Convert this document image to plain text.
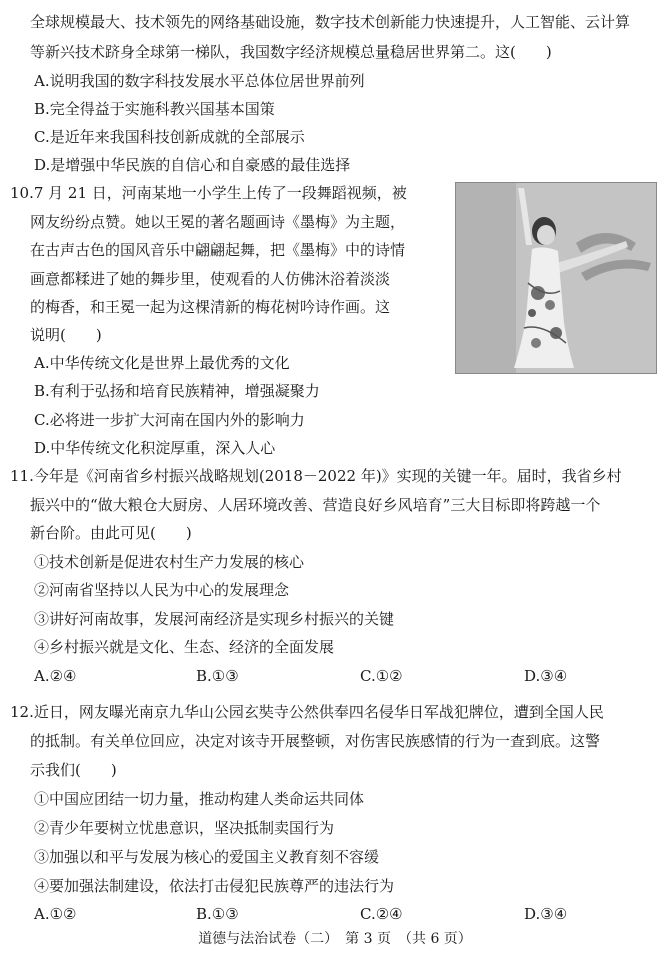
全球规模最大、技术领先的网络基础设施，数字技术创新能力快速提升，人工智能、云计算
等新兴技术跻身全球第一梯队，我国数字经济规模总量稳居世界第二。这(　　)
A.说明我国的数字科技发展水平总体位居世界前列
B.完全得益于实施科教兴国基本国策
C.是近年来我国科技创新成就的全部展示
D.是增强中华民族的自信心和自豪感的最佳选择
10.7 月 21 日，河南某地一小学生上传了一段舞蹈视频，被
网友纷纷点赞。她以王冕的著名题画诗《墨梅》为主题，
在古声古色的国风音乐中翩翩起舞，把《墨梅》中的诗情
画意都糅进了她的舞步里，使观看的人仿佛沐浴着淡淡
的梅香，和王冕一起为这棵清新的梅花树吟诗作画。这
说明(　　)
A.中华传统文化是世界上最优秀的文化
B.有利于弘扬和培育民族精神，增强凝聚力
C.必将进一步扩大河南在国内外的影响力
D.中华传统文化积淀厚重，深入人心
11.今年是《河南省乡村振兴战略规划(2018－2022 年)》实现的关键一年。届时，我省乡村
振兴中的“做大粮仓大厨房、人居环境改善、营造良好乡风培育”三大目标即将跨越一个
新台阶。由此可见(　　)
①技术创新是促进农村生产力发展的核心
②河南省坚持以人民为中心的发展理念
③讲好河南故事，发展河南经济是实现乡村振兴的关键
④乡村振兴就是文化、生态、经济的全面发展
A.②④	B.①③	C.①②	D.③④
12.近日，网友曝光南京九华山公园玄奘寺公然供奉四名侵华日军战犯牌位，遭到全国人民
的抵制。有关单位回应，决定对该寺开展整顿，对伤害民族感情的行为一查到底。这警
示我们(　　)
①中国应团结一切力量，推动构建人类命运共同体
②青少年要树立忧患意识，坚决抵制卖国行为
③加强以和平与发展为核心的爱国主义教育刻不容缓
④要加强法制建设，依法打击侵犯民族尊严的违法行为
A.①②	B.①③	C.②④	D.③④
道德与法治试卷（二）　第 3 页　（共 6 页）
